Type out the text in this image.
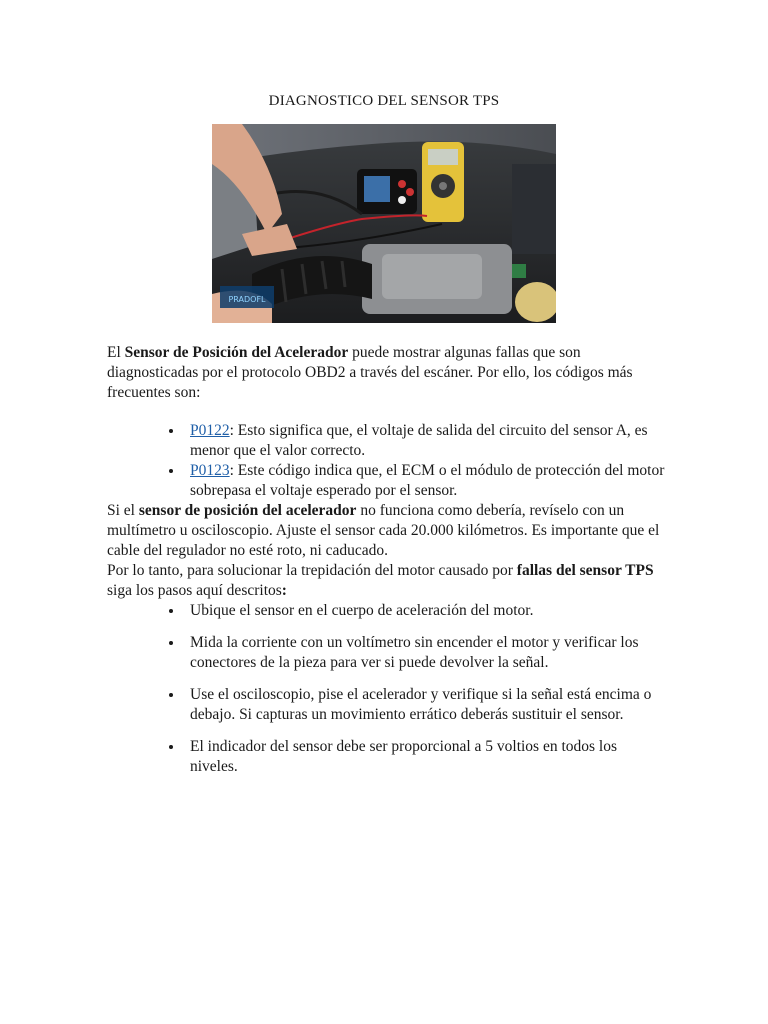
DIAGNOSTICO DEL SENSOR TPS
PRADOFL

El Sensor de Posición del Acelerador puede mostrar algunas fallas que son diagnosticadas por el protocolo OBD2 a través del escáner. Por ello, los códigos más frecuentes son:

P0122: Esto significa que, el voltaje de salida del circuito del sensor A, es menor que el valor correcto.
P0123: Este código indica que, el ECM o el módulo de protección del motor sobrepasa el voltaje esperado por el sensor.

Si el sensor de posición del acelerador no funciona como debería, revíselo con un multímetro u osciloscopio. Ajuste el sensor cada 20.000 kilómetros. Es importante que el cable del regulador no esté roto, ni caducado.

Por lo tanto, para solucionar la trepidación del motor causado por fallas del sensor TPS siga los pasos aquí descritos:

Ubique el sensor en el cuerpo de aceleración del motor.
Mida la corriente con un voltímetro sin encender el motor y verificar los conectores de la pieza para ver si puede devolver la señal.
Use el osciloscopio, pise el acelerador y verifique si la señal está encima o debajo. Si capturas un movimiento errático deberás sustituir el sensor.
El indicador del sensor debe ser proporcional a 5 voltios en todos los niveles.
